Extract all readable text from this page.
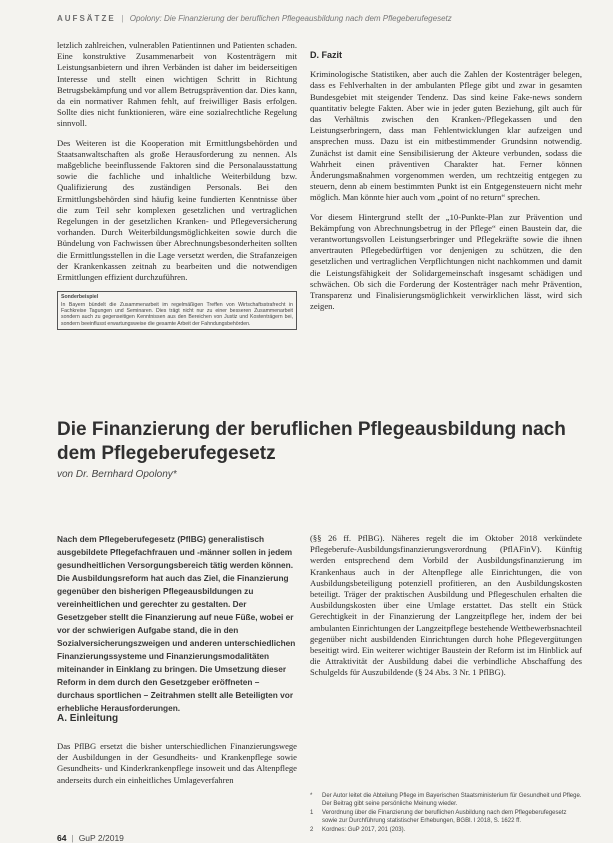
AUFSÄTZE | Opolony: Die Finanzierung der beruflichen Pflegeausbildung nach dem Pflegeberufegesetz

letzlich zahlreichen, vulnerablen Patientinnen und Patienten schaden. Eine konstruktive Zusammenarbeit von Kostenträgern mit Leistungsanbietern und ihren Verbänden ist daher im beiderseitigen Interesse und stellt einen wichtigen Schritt in Richtung Betrugsbekämpfung und vor allem Betrugsprävention dar. Dies kann, da ein normativer Rahmen fehlt, auf freiwilliger Basis erfolgen. Sollte dies nicht funktionieren, wäre eine sozialrechtliche Regelung sinnvoll.

Des Weiteren ist die Kooperation mit Ermittlungsbehörden und Staatsanwaltschaften als große Herausforderung zu nennen. Als maßgebliche beeinflussende Faktoren sind die Personalausstattung sowie die fachliche und inhaltliche Weiterbildung bzw. Qualifizierung des zuständigen Personals. Bei den Ermittlungsbehörden sind häufig keine fundierten Kenntnisse über die zum Teil sehr komplexen gesetzlichen und vertraglichen Regelungen in der gesetzlichen Kranken- und Pflegeversicherung vorhanden. Durch Weiterbildungsmöglichkeiten sowie durch die Bündelung von Fachwissen über Abrechnungsbesonderheiten sollten die Ermittlungsstellen in die Lage versetzt werden, die Strafanzeigen der Krankenkassen zeitnah zu bearbeiten und die notwendigen Ermittlungen effizient durchzuführen.

Sonderbeispiel
In Bayern bündelt die Zusammenarbeit im regelmäßigen Treffen von Wirtschaftsstrafrecht in Fachkreise Tagungen und Seminaren. Dies trägt nicht nur zu einer besseren Zusammenarbeit sondern auch zu gegenseitigen Kenntnissen aus den Bereichen von Justiz und Kostenträgern bei, sondern beeinflusst erwartungsweise die gesamte Arbeit der Fahndungsbehörden.
D. Fazit

Kriminologische Statistiken, aber auch die Zahlen der Kostenträger belegen, dass es Fehlverhalten in der ambulanten Pflege gibt und zwar in gesamten Bundesgebiet mit steigender Tendenz. Das sind keine Fake-news sondern quantitativ belegte Fakten. Aber wie in jeder guten Beziehung, gilt auch für das Verhältnis zwischen den Kranken-/Pflegekassen und den Leistungserbringern, dass man Fehlentwicklungen klar aufzeigen und ansprechen muss. Dazu ist ein mitbestimmender Grundsinn notwendig. Zunächst ist damit eine Sensibilisierung der Akteure verbunden, sodass die Wahrheit einen präventiven Charakter hat. Ferner können Änderungsmaßnahmen vorgenommen werden, um rechtzeitig entgegen zu steuern, denn ab einem bestimmten Punkt ist ein Entgegensteuern nicht mehr möglich. Man könnte hier auch vom „point of no return“ sprechen.

Vor diesem Hintergrund stellt der „10-Punkte-Plan zur Prävention und Bekämpfung von Abrechnungsbetrug in der Pflege“ einen Baustein dar, die verantwortungsvollen Leistungserbringer und Pflegekräfte sowie die ihnen anvertrauten Pflegebedürftigen vor denjenigen zu schützen, die den gesetzlichen und vertraglichen Verpflichtungen nicht nachkommen und damit die Leistungsfähigkeit der Solidargemeinschaft insgesamt schädigen und schwächen. Ob sich die Forderung der Kostenträger nach mehr Prävention, Transparenz und Finalisierungsmöglichkeit verwirklichen lässt, wird sich zeigen.

Die Finanzierung der beruflichen Pflegeausbildung nach dem Pflegeberufegesetz
von Dr. Bernhard Opolony*

Nach dem Pflegeberufegesetz (PflBG) generalistisch ausgebildete Pflegefachfrauen und -männer sollen in jedem gesundheitlichen Versorgungsbereich tätig werden können. Die Ausbildungsreform hat auch das Ziel, die Finanzierung gegenüber den bisherigen Pflegeausbildungen zu vereinheitlichen und gerechter zu gestalten. Der Gesetzgeber stellt die Finanzierung auf neue Füße, wobei er vor der schwierigen Aufgabe stand, die in den Sozialversicherungszweigen und anderen unterschiedlichen Finanzierungssysteme und Finanzierungsmodalitäten miteinander in Einklang zu bringen. Die Umsetzung dieser Reform in dem durch den Gesetzgeber eröffneten – durchaus sportlichen – Zeitrahmen stellt alle Beteiligten vor erhebliche Herausforderungen.

A. Einleitung

Das PflBG ersetzt die bisher unterschiedlichen Finanzierungswege der Ausbildungen in der Gesundheits- und Krankenpflege sowie Gesundheits- und Kinderkrankenpflege insoweit und das Altenpflege anderseits durch ein einheitliches Umlageverfahren

(§§ 26 ff. PflBG). Näheres regelt die im Oktober 2018 verkündete Pflegeberufe-Ausbildungsfinanzierungsverordnung (PflAFinV). Künftig werden entsprechend dem Vorbild der Ausbildungsfinanzierung im Krankenhaus auch in der Altenpflege alle Einrichtungen, die von Ausbildungsbeteiligung potenziell profitieren, an den Ausbildungskosten beteiligt. Träger der praktischen Ausbildung und Pflegeschulen erhalten die Ausbildungskosten über eine Umlage erstattet. Das stellt ein Stück Gerechtigkeit in der Finanzierung der Langzeitpflege her, indem der bei ambulanten Einrichtungen der Langzeitpflege bestehende Wettbewerbsnachteil gegenüber nicht ausbildenden Einrichtungen durch hohe Pflegevergütungen beseitigt wird. Ein weiterer wichtiger Baustein der Reform ist im Hinblick auf die Attraktivität der Ausbildung dabei die verbindliche Abschaffung des Schulgelds für Auszubildende (§ 24 Abs. 3 Nr. 1 PflBG).

*	Der Autor leitet die Abteilung Pflege im Bayerischen Staatsministerium für Gesundheit und Pflege. Der Beitrag gibt seine persönliche Meinung wieder.
1	Verordnung über die Finanzierung der beruflichen Ausbildung nach dem Pflegeberufegesetz sowie zur Durchführung statistischer Erhebungen, BGBl. I 2018, S. 1622 ff.
2	Kordnes: GuP 2017, 201 (203).
64 | GuP 2/2019
